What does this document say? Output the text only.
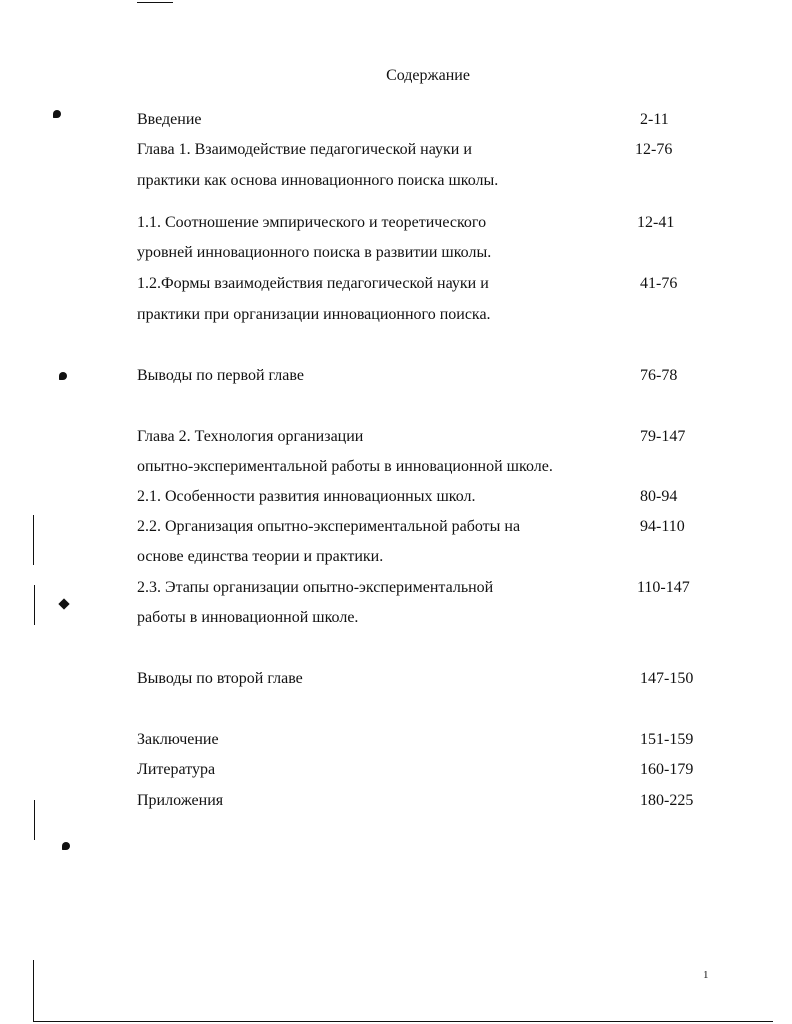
Содержание
Введение	2-11
Глава 1. Взаимодействие педагогической науки и	12-76
практики как основа инновационного поиска школы.
1.1. Соотношение эмпирического и теоретического	12-41
уровней инновационного поиска в развитии школы.
1.2.Формы взаимодействия педагогической науки и	41-76
практики при организации инновационного поиска.
Выводы по первой главе	76-78
Глава 2. Технология организации	79-147
опытно-экспериментальной работы в инновационной школе.
2.1. Особенности развития инновационных школ.	80-94
2.2. Организация опытно-экспериментальной работы на	94-110
основе единства теории и практики.
2.3. Этапы организации опытно-экспериментальной	110-147
работы в инновационной школе.
Выводы по второй главе	147-150
Заключение	151-159
Литература	160-179
Приложения	180-225
1
